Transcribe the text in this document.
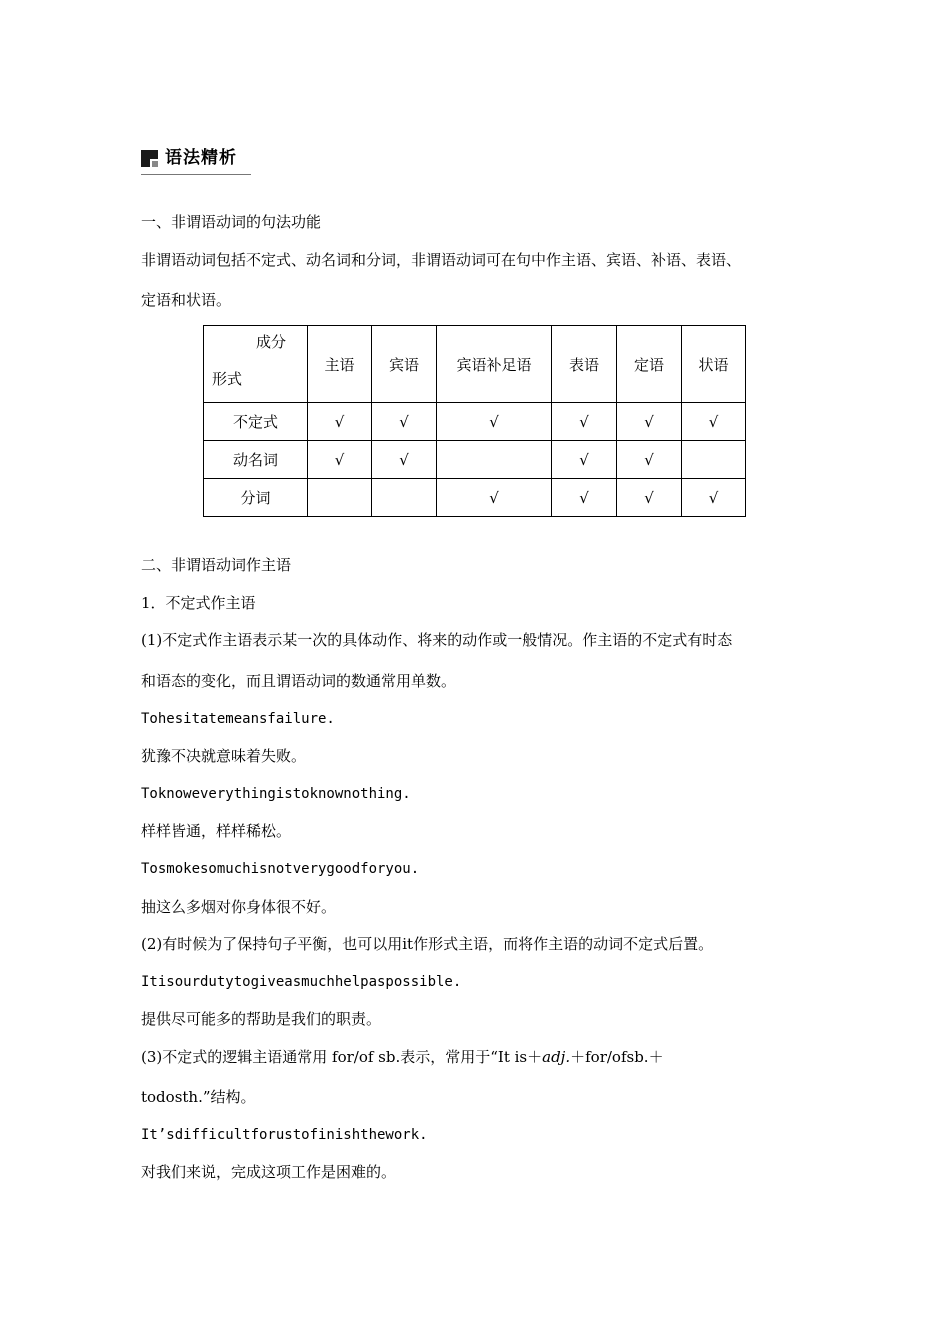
语法精析
一、非谓语动词的句法功能
非谓语动词包括不定式、动名词和分词，非谓语动词可在句中作主语、宾语、补语、表语、
定语和状语。
成分
形式	主语	宾语	宾语补足语	表语	定语	状语
不定式	√	√	√	√	√	√
动名词	√	√		√	√	
分词			√	√	√	√
二、非谓语动词作主语
1．不定式作主语
(1)不定式作主语表示某一次的具体动作、将来的动作或一般情况。作主语的不定式有时态
和语态的变化，而且谓语动词的数通常用单数。
Tohesitatemeansfailure.
犹豫不决就意味着失败。
Toknoweverythingistoknownothing.
样样皆通，样样稀松。
Tosmokesomuchisnotverygoodforyou.
抽这么多烟对你身体很不好。
(2)有时候为了保持句子平衡，也可以用it作形式主语，而将作主语的动词不定式后置。
Itisourdutytogiveasmuchhelpaspossible.
提供尽可能多的帮助是我们的职责。
(3)不定式的逻辑主语通常用 for/of sb.表示，常用于“It is＋adj.＋for/ofsb.＋
todosth.”结构。
It’sdifficultforustofinishthework.
对我们来说，完成这项工作是困难的。
